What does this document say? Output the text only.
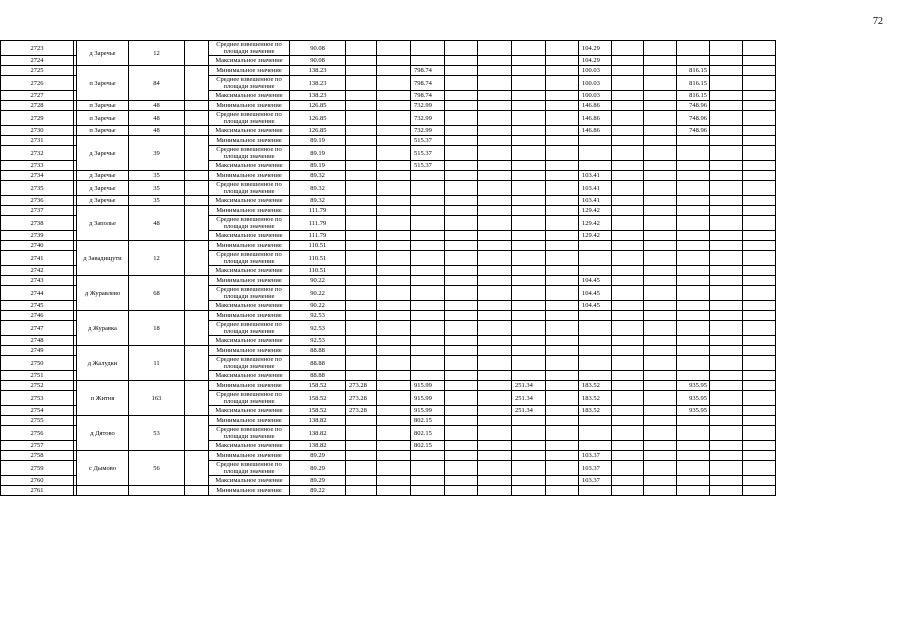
72
2723		д Заречье	12		Среднее взвешенное по площади значение	90.08								104.29					
2724					Максимальное значение	90.08								104.29					
2725		п Заречье	84		Минимальное значение	138.23			798.74					100.03			816.15		
2726					Среднее взвешенное по площади значение	138.23			798.74					100.03			816.15		
2727					Максимальное значение	138.23			798.74					100.03			816.15		
2728		п Заречье	48		Минимальное значение	126.85			732.99					146.86			748.96		
2729		п Заречье	48		Среднее взвешенное по площади значение	126.85			732.99					146.86			748.96		
2730		п Заречье	48		Максимальное значение	126.85			732.99					146.86			748.96		
2731		д Заречье	39		Минимальное значение	89.19			515.37										
2732					Среднее взвешенное по площади значение	89.19			515.37										
2733					Максимальное значение	89.19			515.37										
2734		д Заречье	35		Минимальное значение	89.32								103.41					
2735		д Заречье	35		Среднее взвешенное по площади значение	89.32								103.41					
2736		д Заречье	35		Максимальное значение	89.32								103.41					
2737		д Заполье	48		Минимальное значение	111.79								129.42					
2738					Среднее взвешенное по площади значение	111.79								129.42					
2739					Максимальное значение	111.79								129.42					
2740		д Завадищути	12		Минимальное значение	110.51													
2741					Среднее взвешенное по площади значение	110.51													
2742					Максимальное значение	110.51													
2743		д Журавлево	68		Минимальное значение	90.22								104.45					
2744					Среднее взвешенное по площади значение	90.22								104.45					
2745					Максимальное значение	90.22								104.45					
2746		д Журавка	18		Минимальное значение	92.53													
2747					Среднее взвешенное по площади значение	92.53													
2748					Максимальное значение	92.53													
2749		д Жалудки	11		Минимальное значение	88.88													
2750					Среднее взвешенное по площади значение	88.88													
2751					Максимальное значение	88.88													
2752		п Житня	163		Минимальное значение	158.52	273.28		915.99			251.34		183.52			935.95		
2753					Среднее взвешенное по площади значение	158.52	273.28		915.99			251.34		183.52			935.95		
2754					Максимальное значение	158.52	273.28		915.99			251.34		183.52			935.95		
2755		д Дятово	53		Минимальное значение	138.82			802.15										
2756					Среднее взвешенное по площади значение	138.82			802.15										
2757					Максимальное значение	138.82			802.15										
2758		с Дымово	56		Минимальное значение	89.29								103.37					
2759					Среднее взвешенное по площади значение	89.29								103.37					
2760					Максимальное значение	89.29								103.37					
2761					Минимальное значение	89.22													
